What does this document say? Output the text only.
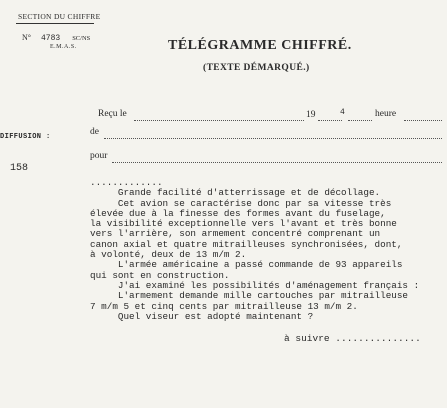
SECTION DU CHIFFRE
N° 4783 SC/NS
E.M.A.S.	TÉLÉGRAMME CHIFFRÉ.
(TEXTE DÉMARQUÉ.)
Reçu le	19	4	heure
de
pour
DIFFUSION :
158
.............
Grande facilité d'atterrissage et de décollage.
Cet avion se caractérise donc par sa vitesse très
élevée due à la finesse des formes avant du fuselage,
la visibilité exceptionnelle vers l'avant et très bonne
vers l'arrière, son armement concentré comprenant un
canon axial et quatre mitrailleuses synchronisées, dont,
à volonté, deux de 13 m/m 2.
L'armée américaine a passé commande de 93 appareils
qui sont en construction.
J'ai examiné les possibilités d'aménagement français :
L'armement demande mille cartouches par mitrailleuse
7 m/m 5 et cinq cents par mitrailleuse 13 m/m 2.
Quel viseur est adopté maintenant ?
à suivre ...............
